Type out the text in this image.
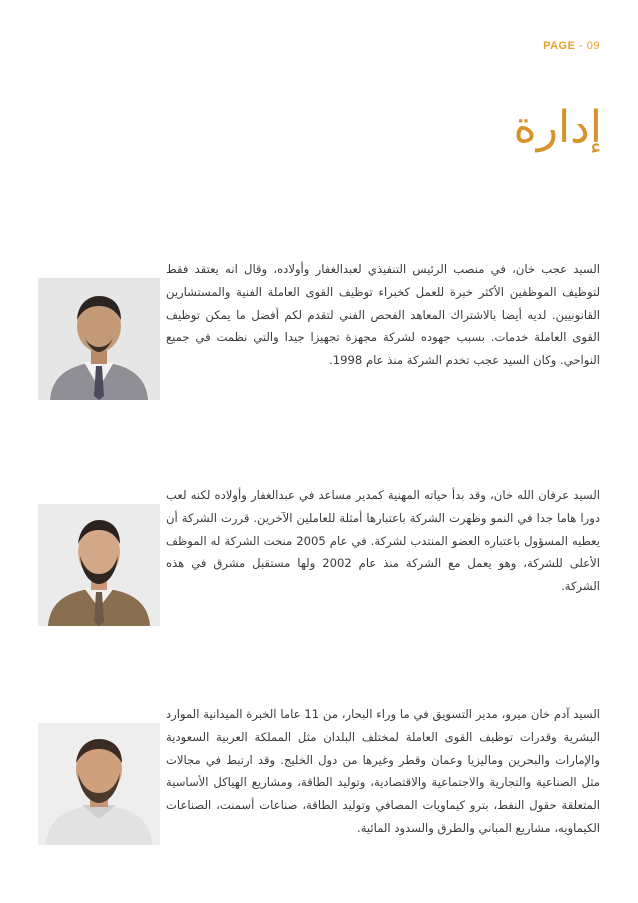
PAGE - 09
إدارة

السيد عجب خان، في منصب الرئيس التنفيذي لعبدالغفار وأولاده، وقال انه يعتقد فقط لتوظيف الموظفين الأكثر خبرة للعمل كخبراء توظيف القوى العاملة الفنية والمستشارين القانونيين. لديه أيضا بالاشتراك المعاهد الفحص الفني لتقدم لكم أفضل ما يمكن توظيف القوى العاملة خدمات. بسبب جهوده لشركة مجهزة تجهيزا جيدا والتي نظمت في جميع النواحي. وكان السيد عجب تخدم الشركة منذ عام 1998.

السيد عرفان الله خان، وقد بدأ حياته المهنية كمدير مساعد في عبدالغفار وأولاده لكنه لعب دورا هاما جدا في النمو وظهرت الشركة باعتبارها أمثلة للعاملين الآخرين. قررت الشركة أن يعطيه المسؤول باعتباره العضو المنتدب لشركة. في عام 2005 منحت الشركة له الموظف الأعلى للشركة، وهو يعمل مع الشركة منذ عام 2002 ولها مستقبل مشرق في هذه الشركة.

السيد آدم خان ميرو، مدير التسويق في ما وراء البحار، من 11 عاما الخبرة الميدانية الموارد البشرية وقدرات توظيف القوى العاملة لمختلف البلدان مثل المملكة العربية السعودية والإمارات والبحرين وماليزيا وعمان وقطر وغيرها من دول الخليج. وقد ارتبط في مجالات مثل الصناعية والتجارية والاجتماعية والاقتصادية، وتوليد الطاقة، ومشاريع الهياكل الأساسية المتعلقة حقول النفط، بترو كيماويات المصافي وتوليد الطاقة، صناعات أسمنت، الصناعات الكيماويه، مشاريع المباني والطرق والسدود المائية.
